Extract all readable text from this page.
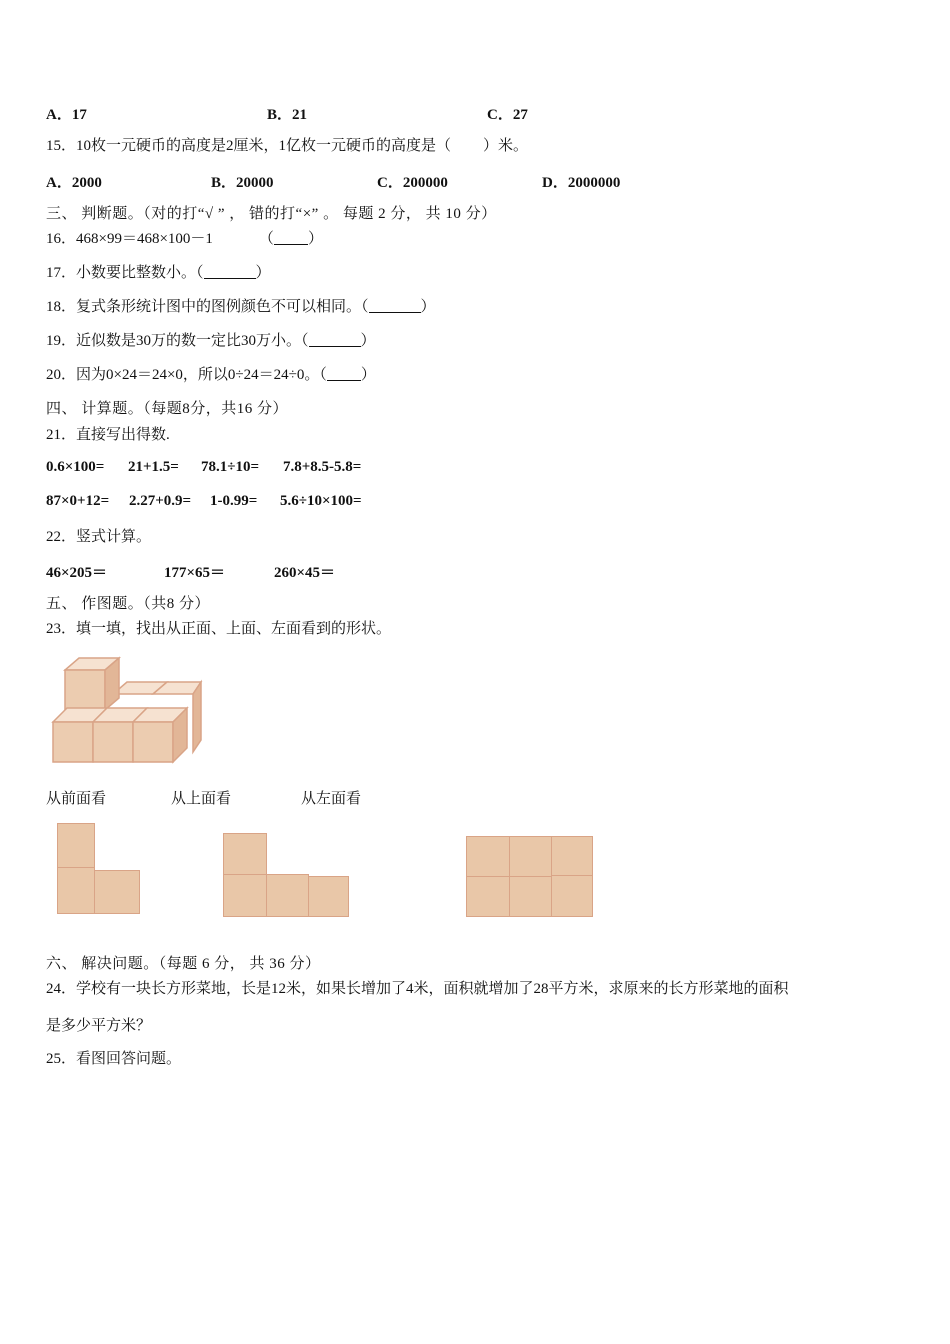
A．17	B．21	C．27
15．10枚一元硬币的高度是2厘米，1亿枚一元硬币的高度是（ ）米。
A．2000	B．20000	C．200000	D．2000000
三、 判断题。（对的打“√ ” ， 错的打“×” 。 每题 2 分， 共 10 分）
16．468×99＝468×100－1	（ ）
17．小数要比整数小。（	）
18．复式条形统计图中的图例颜色不可以相同。（	）
19．近似数是30万的数一定比30万小。（	）
20．因为0×24＝24×0，所以0÷24＝24÷0。（ ）
四、 计算题。（每题8分，共16 分）
21．直接写出得数.
0.6×100= 21+1.5= 78.1÷10= 7.8+8.5-5.8=
87×0+12= 2.27+0.9= 1-0.99= 5.6÷10×100=
22．竖式计算。
46×205＝	177×65＝	260×45＝
五、 作图题。（共8 分）
23．填一填，找出从正面、上面、左面看到的形状。
从前面看	从上面看	从左面看
六、 解决问题。（每题 6 分， 共 36 分）
24．学校有一块长方形菜地，长是12米，如果长增加了4米，面积就增加了28平方米，求原来的长方形菜地的面积
是多少平方米？
25．看图回答问题。
